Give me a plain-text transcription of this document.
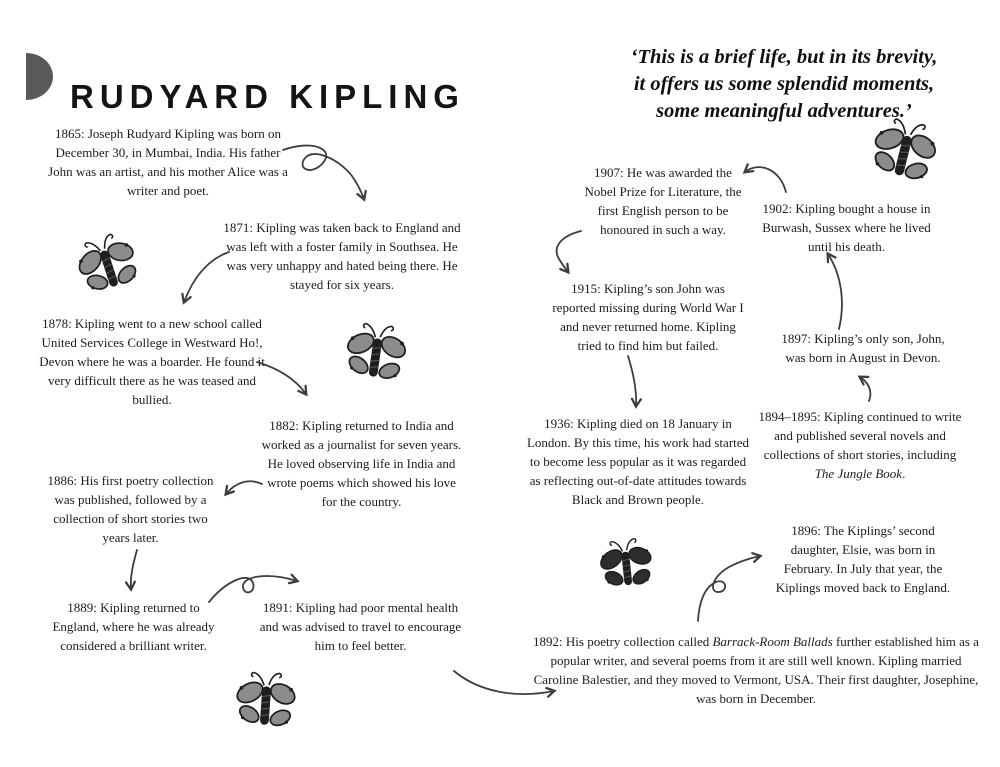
RUDYARD KIPLING
‘This is a brief life, but in its brevity,
it offers us some splendid moments,
some meaningful adventures.’
1865: Joseph Rudyard Kipling was born on December 30, in Mumbai, India. His father John was an artist, and his mother Alice was a writer and poet.
1871: Kipling was taken back to England and was left with a foster family in Southsea. He was very unhappy and hated being there. He stayed for six years.
1878: Kipling went to a new school called United Services College in Westward Ho!, Devon where he was a boarder. He found it very difficult there as he was teased and bullied.
1882: Kipling returned to India and worked as a journalist for seven years. He loved observing life in India and wrote poems which showed his love for the country.
1886: His first poetry collection was published, followed by a collection of short stories two years later.
1889: Kipling returned to England, where he was already considered a brilliant writer.
1891: Kipling had poor mental health and was advised to travel to encourage him to feel better.
1907: He was awarded the Nobel Prize for Literature, the first English person to be honoured in such a way.
1902: Kipling bought a house in Burwash, Sussex where he lived until his death.
1915: Kipling’s son John was reported missing during World War I and never returned home. Kipling tried to find him but failed.	1897: Kipling’s only son, John, was born in August in Devon.
1894–1895: Kipling continued to write and published several novels and collections of short stories, including The Jungle Book.
1936: Kipling died on 18 January in London. By this time, his work had started to become less popular as it was regarded as reflecting out-of-date attitudes towards Black and Brown people.
1896: The Kiplings’ second daughter, Elsie, was born in February. In July that year, the Kiplings moved back to England.
1892: His poetry collection called Barrack-Room Ballads further established him as a popular writer, and several poems from it are still well known. Kipling married Caroline Balestier, and they moved to Vermont, USA. Their first daughter, Josephine, was born in December.
